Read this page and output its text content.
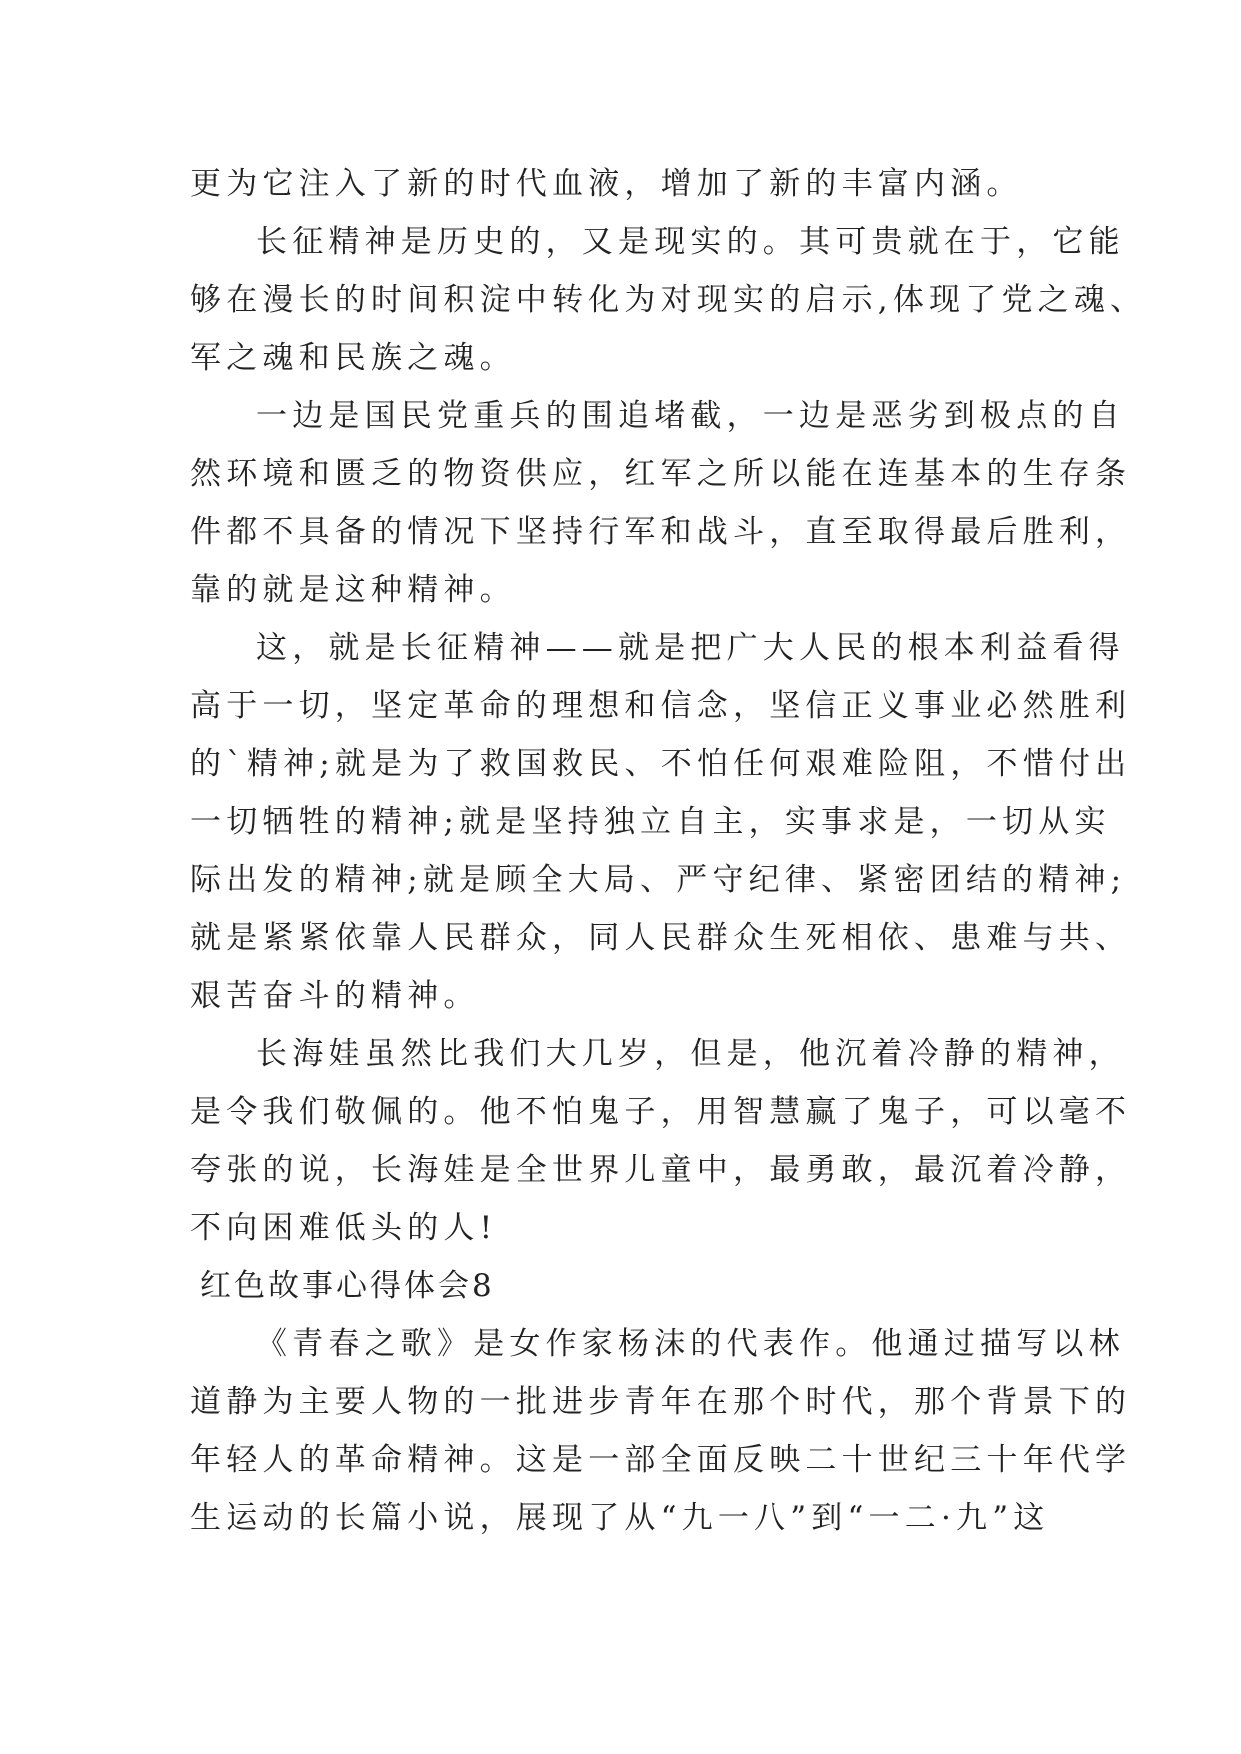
更为它注入了新的时代血液，增加了新的丰富内涵。
长征精神是历史的，又是现实的。其可贵就在于，它能
够在漫长的时间积淀中转化为对现实的启示,体现了党之魂、
军之魂和民族之魂。
一边是国民党重兵的围追堵截，一边是恶劣到极点的自
然环境和匮乏的物资供应，红军之所以能在连基本的生存条
件都不具备的情况下坚持行军和战斗，直至取得最后胜利，
靠的就是这种精神。
这，就是长征精神——就是把广大人民的根本利益看得
高于一切，坚定革命的理想和信念，坚信正义事业必然胜利
的`精神;就是为了救国救民、不怕任何艰难险阻，不惜付出
一切牺牲的精神;就是坚持独立自主，实事求是，一切从实
际出发的精神;就是顾全大局、严守纪律、紧密团结的精神;
就是紧紧依靠人民群众，同人民群众生死相依、患难与共、
艰苦奋斗的精神。
长海娃虽然比我们大几岁，但是，他沉着冷静的精神，
是令我们敬佩的。他不怕鬼子，用智慧赢了鬼子，可以毫不
夸张的说，长海娃是全世界儿童中，最勇敢，最沉着冷静，
不向困难低头的人!
红色故事心得体会8
《青春之歌》是女作家杨沫的代表作。他通过描写以林
道静为主要人物的一批进步青年在那个时代，那个背景下的
年轻人的革命精神。这是一部全面反映二十世纪三十年代学
生运动的长篇小说，展现了从“九一八”到“一二·九”这
